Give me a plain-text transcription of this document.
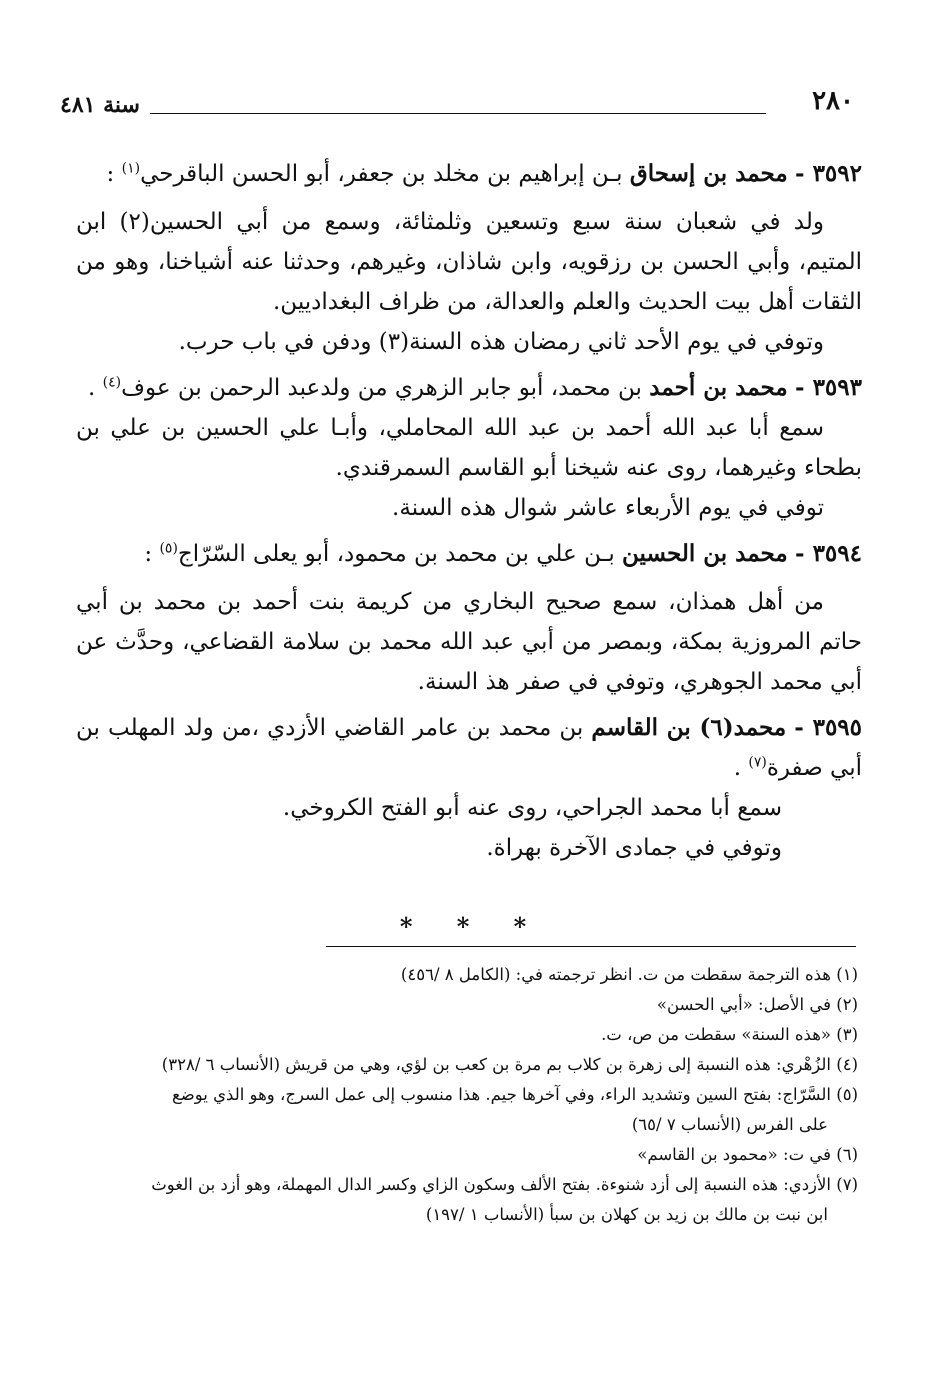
٢٨٠
سنة ٤٨١

٣٥٩٢ - محمد بن إسحاق بـن إبراهيم بن مخلد بن جعفر، أبو الحسن الباقرحي$^{(١)}$ :

ولد في شعبان سنة سبع وتسعين وثلمثائة، وسمع من أبي الحسين(٢) ابن المتيم، وأبي الحسن بن رزقويه، وابن شاذان، وغيرهم، وحدثنا عنه أشياخنا، وهو من الثقات أهل بيت الحديث والعلم والعدالة، من ظراف البغداديين.

وتوفي في يوم الأحد ثاني رمضان هذه السنة(٣) ودفن في باب حرب.

٣٥٩٣ - محمد بن أحمد بن محمد، أبو جابر الزهري من ولدعبد الرحمن بن عوف$^{(٤)}$ .

سمع أبا عبد الله أحمد بن عبد الله المحاملي، وأبـا علي الحسين بن علي بن بطحاء وغيرهما، روى عنه شيخنا أبو القاسم السمرقندي.

توفي في يوم الأربعاء عاشر شوال هذه السنة.

٣٥٩٤ - محمد بن الحسين بـن علي بن محمد بن محمود، أبو يعلى السّرّاج$^{(٥)}$ :

من أهل همذان، سمع صحيح البخاري من كريمة بنت أحمد بن محمد بن أبي حاتم المروزية بمكة، وبمصر من أبي عبد الله محمد بن سلامة القضاعي، وحدَّث عن أبي محمد الجوهري، وتوفي في صفر هذ السنة.

٣٥٩٥ - محمد(٦) بن القاسم بن محمد بن عامر القاضي الأزدي ،من ولد المهلب بن أبي صفرة$^{(٧)}$ .

سمع أبا محمد الجراحي، روى عنه أبو الفتح الكروخي.

وتوفي في جمادى الآخرة بهراة.

* * *

(١) هذه الترجمة سقطت من ت. انظر ترجمته في: (الكامل ٨ /٤٥٦)

(٢) في الأصل: «أبي الحسن»

(٣) «هذه السنة» سقطت من ص، ت.

(٤) الزُهْري: هذه النسبة إلى زهرة بن كلاب بم مرة بن كعب بن لؤي، وهي من قريش (الأنساب ٦ /٣٢٨)

(٥) السَّرّاج: بفتح السين وتشديد الراء، وفي آخرها جيم. هذا منسوب إلى عمل السرج، وهو الذي يوضع

على الفرس (الأنساب ٧ /٦٥)

(٦) في ت: «محمود بن القاسم»

(٧) الأزدي: هذه النسبة إلى أزد شنوءة. بفتح الألف وسكون الزاي وكسر الدال المهملة، وهو أزد بن الغوث

ابن نبت بن مالك بن زيد بن كهلان بن سبأ (الأنساب ١ /١٩٧)
